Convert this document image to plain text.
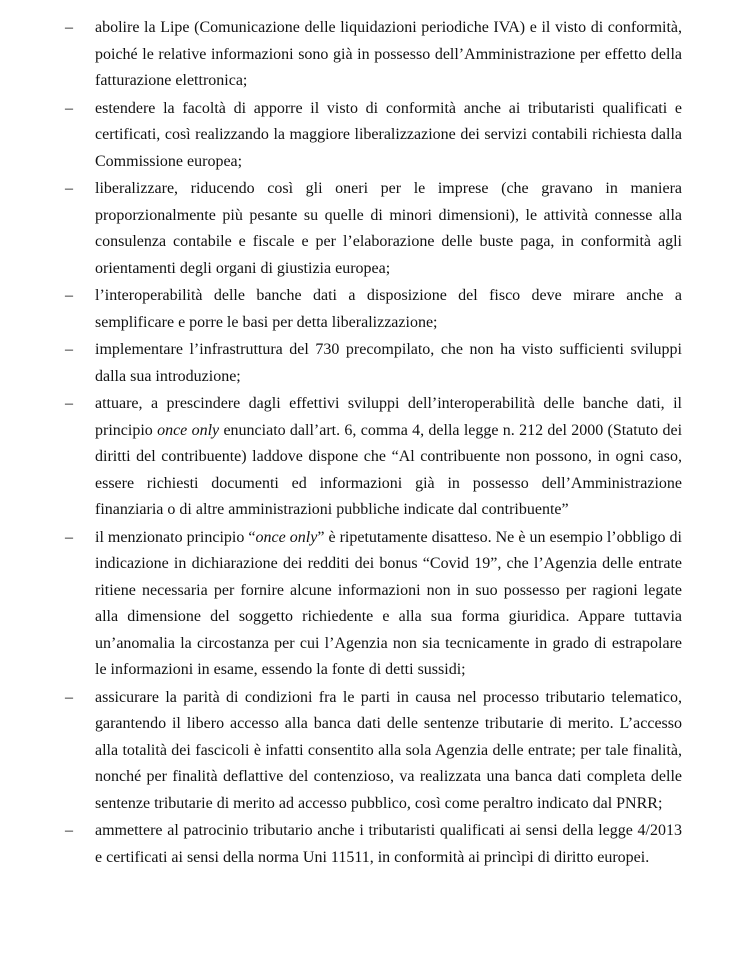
–	abolire la Lipe (Comunicazione delle liquidazioni periodiche IVA) e il visto di conformità, poiché le relative informazioni sono già in possesso dell’Amministrazione per effetto della fatturazione elettronica;
–	estendere la facoltà di apporre il visto di conformità anche ai tributaristi qualificati e certificati, così realizzando la maggiore liberalizzazione dei servizi contabili richiesta dalla Commissione europea;
–	liberalizzare, riducendo così gli oneri per le imprese (che gravano in maniera proporzionalmente più pesante su quelle di minori dimensioni), le attività connesse alla consulenza contabile e fiscale e per l’elaborazione delle buste paga, in conformità agli orientamenti degli organi di giustizia europea;
–	l’interoperabilità delle banche dati a disposizione del fisco deve mirare anche a semplificare e porre le basi per detta liberalizzazione;
–	implementare l’infrastruttura del 730 precompilato, che non ha visto sufficienti sviluppi dalla sua introduzione;
–	attuare, a prescindere dagli effettivi sviluppi dell’interoperabilità delle banche dati, il principio once only enunciato dall’art. 6, comma 4, della legge n. 212 del 2000 (Statuto dei diritti del contribuente) laddove dispone che “Al contribuente non possono, in ogni caso, essere richiesti documenti ed informazioni già in possesso dell’Amministrazione finanziaria o di altre amministrazioni pubbliche indicate dal contribuente”
–	il menzionato principio “once only” è ripetutamente disatteso. Ne è un esempio l’obbligo di indicazione in dichiarazione dei redditi dei bonus “Covid 19”, che l’Agenzia delle entrate ritiene necessaria per fornire alcune informazioni non in suo possesso per ragioni legate alla dimensione del soggetto richiedente e alla sua forma giuridica. Appare tuttavia un’anomalia la circostanza per cui l’Agenzia non sia tecnicamente in grado di estrapolare le informazioni in esame, essendo la fonte di detti sussidi;
–	assicurare la parità di condizioni fra le parti in causa nel processo tributario telematico, garantendo il libero accesso alla banca dati delle sentenze tributarie di merito. L’accesso alla totalità dei fascicoli è infatti consentito alla sola Agenzia delle entrate; per tale finalità, nonché per finalità deflattive del contenzioso, va realizzata una banca dati completa delle sentenze tributarie di merito ad accesso pubblico, così come peraltro indicato dal PNRR;
–	ammettere al patrocinio tributario anche i tributaristi qualificati ai sensi della legge 4/2013 e certificati ai sensi della norma Uni 11511, in conformità ai princìpi di diritto europei.
